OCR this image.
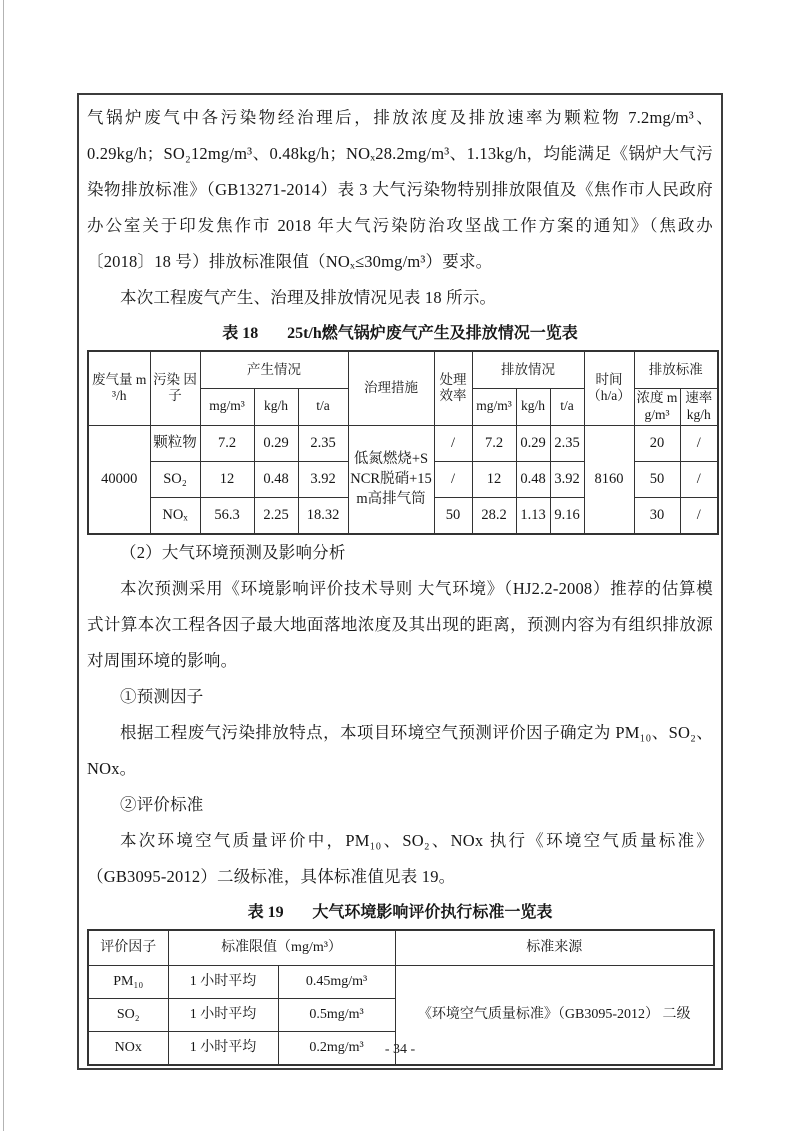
气锅炉废气中各污染物经治理后，排放浓度及排放速率为颗粒物 7.2mg/m³、0.29kg/h；SO₂12mg/m³、0.48kg/h；NOₓ28.2mg/m³、1.13kg/h，均能满足《锅炉大气污染物排放标准》（GB13271-2014）表 3 大气污染物特别排放限值及《焦作市人民政府办公室关于印发焦作市 2018 年大气污染防治攻坚战工作方案的通知》（焦政办〔2018〕18 号）排放标准限值（NOₓ≤30mg/m³）要求。

本次工程废气产生、治理及排放情况见表 18 所示。

表 18 25t/h燃气锅炉废气产生及排放情况一览表
废气量 m³/h	污染 因子	产生情况			治理措施	处理 效率	排放情况			时间 （h/a）	排放标准	
		mg/m³	kg/h	t/a			mg/m³	kg/h	t/a		浓度 mg/m³	速率 kg/h
40000	颗粒物	7.2	0.29	2.35	低氮燃烧+SNCR脱硝+15m高排气筒	/	7.2	0.29	2.35	8160	20	/
	SO₂	12	0.48	3.92		/	12	0.48	3.92		50	/
	NOₓ	56.3	2.25	18.32		50	28.2	1.13	9.16		30	/

（2）大气环境预测及影响分析

本次预测采用《环境影响评价技术导则 大气环境》（HJ2.2-2008）推荐的估算模式计算本次工程各因子最大地面落地浓度及其出现的距离，预测内容为有组织排放源对周围环境的影响。

①预测因子

根据工程废气污染排放特点，本项目环境空气预测评价因子确定为 PM₁₀、SO₂、NOx。

②评价标准

本次环境空气质量评价中，PM₁₀、SO₂、NOx 执行《环境空气质量标准》（GB3095-2012）二级标准，具体标准值见表 19。

表 19 大气环境影响评价执行标准一览表
评价因子	标准限值（mg/m³）		标准来源
PM₁₀	1 小时平均	0.45mg/m³	《环境空气质量标准》（GB3095-2012） 二级
SO₂	1 小时平均	0.5mg/m³	
NOx	1 小时平均	0.2mg/m³		- 34 -
